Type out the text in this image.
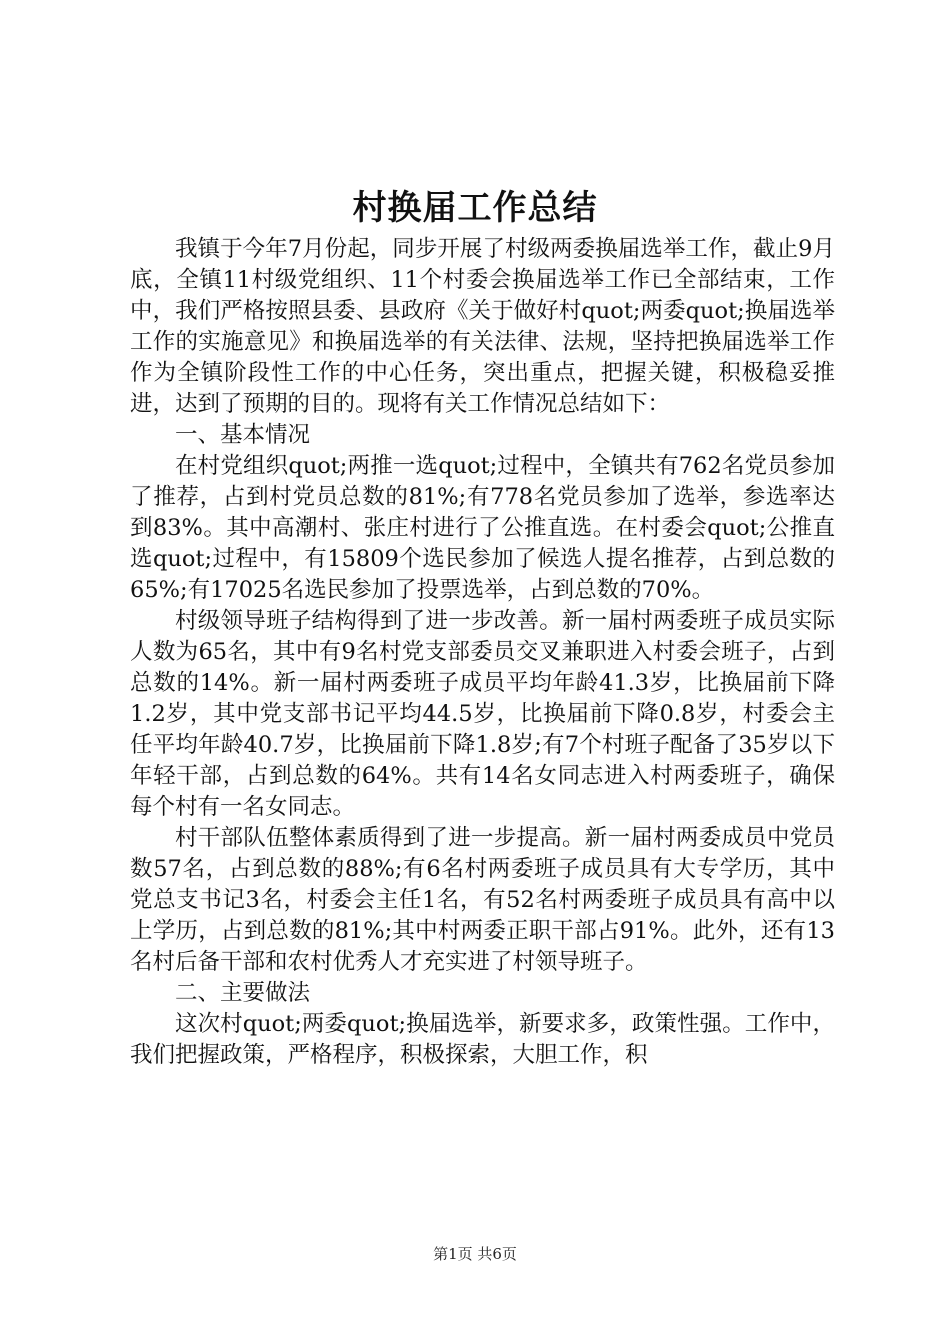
村换届工作总结

我镇于今年7月份起，同步开展了村级两委换届选举工作，截止9月底，全镇11村级党组织、11个村委会换届选举工作已全部结束，工作中，我们严格按照县委、县政府《关于做好村quot;两委quot;换届选举工作的实施意见》和换届选举的有关法律、法规，坚持把换届选举工作作为全镇阶段性工作的中心任务，突出重点，把握关键，积极稳妥推进，达到了预期的目的。现将有关工作情况总结如下：

一、基本情况

在村党组织quot;两推一选quot;过程中，全镇共有762名党员参加了推荐，占到村党员总数的81%;有778名党员参加了选举，参选率达到83%。其中高潮村、张庄村进行了公推直选。在村委会quot;公推直选quot;过程中，有15809个选民参加了候选人提名推荐，占到总数的65%;有17025名选民参加了投票选举，占到总数的70%。

村级领导班子结构得到了进一步改善。新一届村两委班子成员实际人数为65名，其中有9名村党支部委员交叉兼职进入村委会班子，占到总数的14%。新一届村两委班子成员平均年龄41.3岁，比换届前下降1.2岁，其中党支部书记平均44.5岁，比换届前下降0.8岁，村委会主任平均年龄40.7岁，比换届前下降1.8岁;有7个村班子配备了35岁以下年轻干部，占到总数的64%。共有14名女同志进入村两委班子，确保每个村有一名女同志。

村干部队伍整体素质得到了进一步提高。新一届村两委成员中党员数57名，占到总数的88%;有6名村两委班子成员具有大专学历，其中党总支书记3名，村委会主任1名，有52名村两委班子成员具有高中以上学历，占到总数的81%;其中村两委正职干部占91%。此外，还有13名村后备干部和农村优秀人才充实进了村领导班子。

二、主要做法

这次村quot;两委quot;换届选举，新要求多，政策性强。工作中，我们把握政策，严格程序，积极探索，大胆工作，积

第1页 共6页
